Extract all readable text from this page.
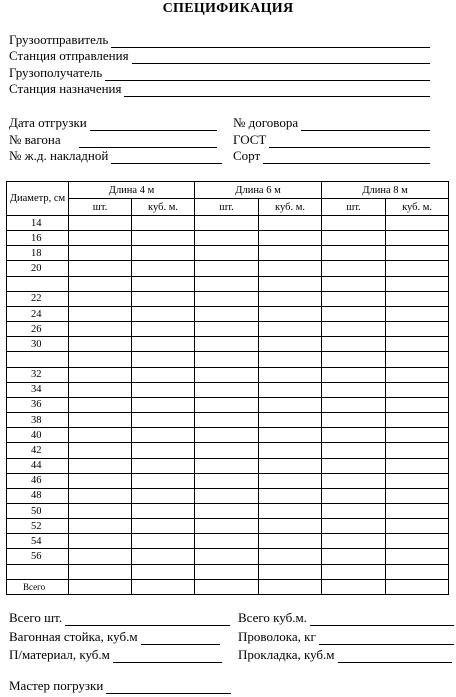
СПЕЦИФИКАЦИЯ
Грузоотправитель
Станция отправления
Грузополучатель
Станция назначения
Дата отгрузки	№ договора
№ вагона	ГОСТ
№ ж.д. накладной	Сорт
Диаметр, см	Длина 4 м		Длина 6 м		Длина 8 м	
	шт.	куб. м.	шт.	куб. м.	шт.	куб. м.
14						
16						
18						
20						

22						
24						
26						
30						

32						
34						
36						
38						
40						
42						
44						
46						
48						
50						
52						
54						
56						

Всего						
Всего шт.	Всего куб.м.
Вагонная стойка, куб.м	Проволока, кг
П/материал, куб.м	Прокладка, куб.м
Мастер погрузки
